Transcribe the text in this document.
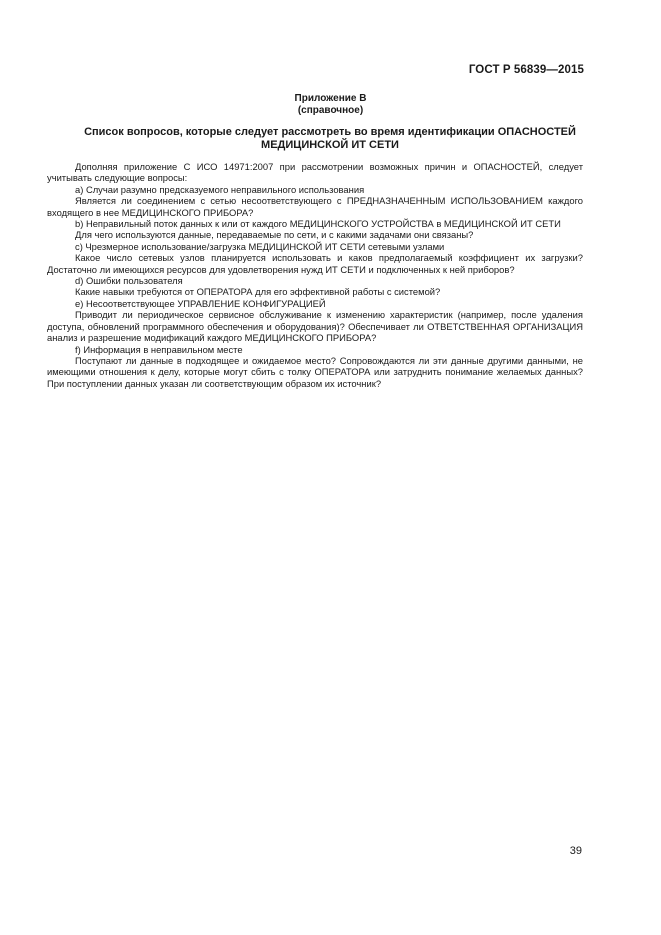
ГОСТ Р 56839—2015
Приложение В
(справочное)
Список вопросов, которые следует рассмотреть во время идентификации ОПАСНОСТЕЙ
МЕДИЦИНСКОЙ ИТ СЕТИ

Дополняя приложение С ИСО 14971:2007 при рассмотрении возможных причин и ОПАСНОСТЕЙ, следует учитывать следующие вопросы:

а) Случаи разумно предсказуемого неправильного использования

Является ли соединением с сетью несоответствующего с ПРЕДНАЗНАЧЕННЫМ ИСПОЛЬЗОВАНИЕМ каждого входящего в нее МЕДИЦИНСКОГО ПРИБОРА?

b) Неправильный поток данных к или от каждого МЕДИЦИНСКОГО УСТРОЙСТВА в МЕДИЦИНСКОЙ ИТ СЕТИ

Для чего используются данные, передаваемые по сети, и с какими задачами они связаны?

с) Чрезмерное использование/загрузка МЕДИЦИНСКОЙ ИТ СЕТИ сетевыми узлами

Какое число сетевых узлов планируется использовать и каков предполагаемый коэффициент их загрузки? Достаточно ли имеющихся ресурсов для удовлетворения нужд ИТ СЕТИ и подключенных к ней приборов?

d) Ошибки пользователя

Какие навыки требуются от ОПЕРАТОРА для его эффективной работы с системой?

е) Несоответствующее УПРАВЛЕНИЕ КОНФИГУРАЦИЕЙ

Приводит ли периодическое сервисное обслуживание к изменению характеристик (например, после удаления доступа, обновлений программного обеспечения и оборудования)? Обеспечивает ли ОТВЕТСТВЕННАЯ ОРГАНИЗАЦИЯ анализ и разрешение модификаций каждого МЕДИЦИНСКОГО ПРИБОРА?

f) Информация в неправильном месте

Поступают ли данные в подходящее и ожидаемое место? Сопровождаются ли эти данные другими данными, не имеющими отношения к делу, которые могут сбить с толку ОПЕРАТОРА или затруднить понимание желаемых данных? При поступлении данных указан ли соответствующим образом их источник?

39
